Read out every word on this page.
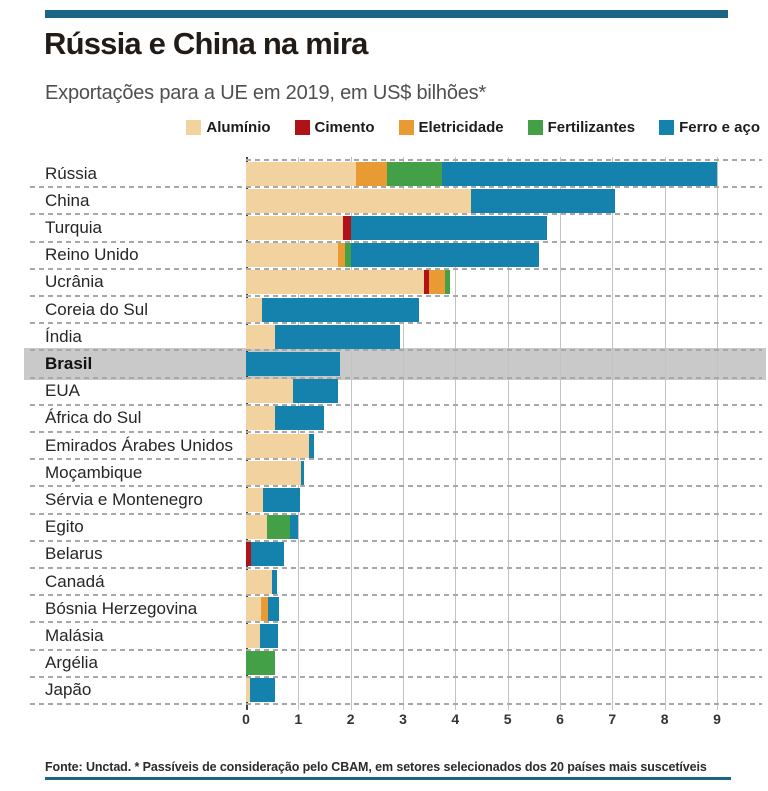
Rússia e China na mira
Exportações para a UE em 2019, em US$ bilhões*
Alumínio	Cimento	Eletricidade	Fertilizantes	Ferro e aço
Rússia
China
Turquia
Reino Unido
Ucrânia
Coreia do Sul
Índia
Brasil
EUA
África do Sul
Emirados Árabes Unidos
Moçambique
Sérvia e Montenegro
Egito
Belarus
Canadá
Bósnia Herzegovina
Malásia
Argélia
Japão
0	1	2	3	4	5	6	7	8	9
Fonte: Unctad. * Passíveis de consideração pelo CBAM, em setores selecionados dos 20 países mais suscetíveis
